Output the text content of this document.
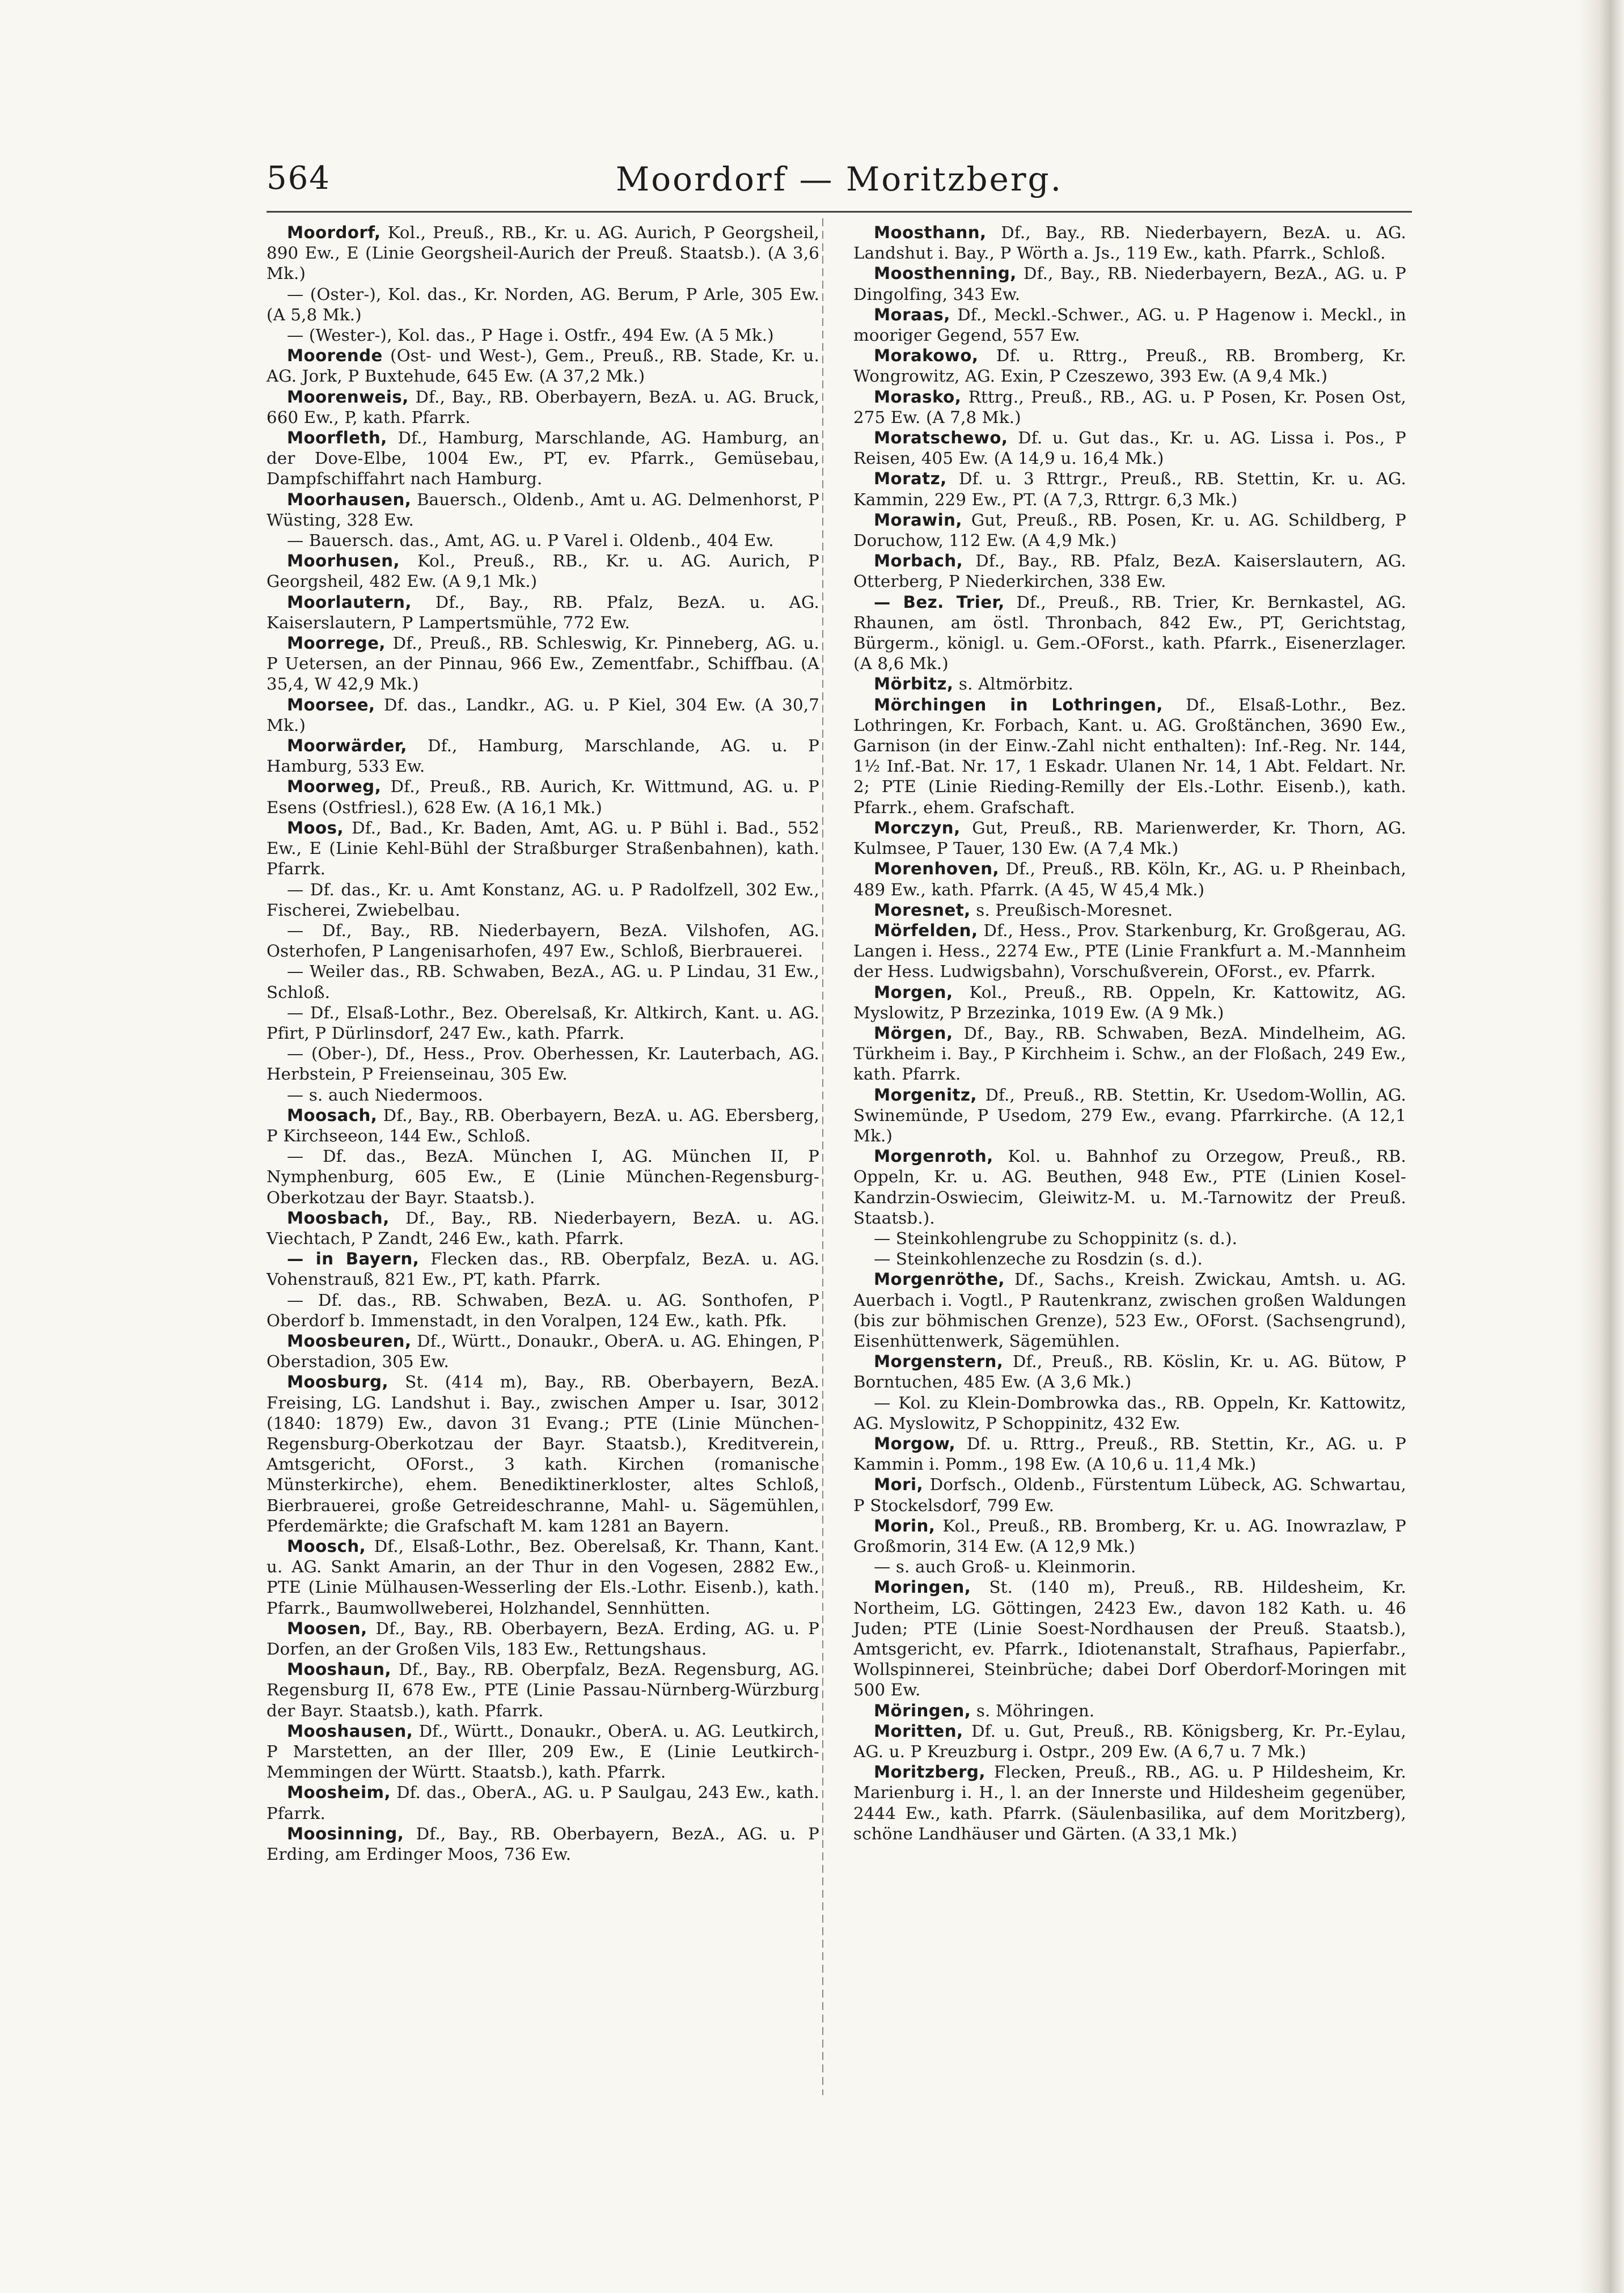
564	Moordorf — Moritzberg.

Moordorf, Kol., Preuß., RB., Kr. u. AG. Aurich, P Georgsheil, 890 Ew., E (Linie Georgsheil-Aurich der Preuß. Staatsb.). (A 3,6 Mk.)

— (Oster-), Kol. das., Kr. Norden, AG. Berum, P Arle, 305 Ew. (A 5,8 Mk.)

— (Wester-), Kol. das., P Hage i. Ostfr., 494 Ew. (A 5 Mk.)

Moorende (Ost- und West-), Gem., Preuß., RB. Stade, Kr. u. AG. Jork, P Buxtehude, 645 Ew. (A 37,2 Mk.)

Moorenweis, Df., Bay., RB. Oberbayern, BezA. u. AG. Bruck, 660 Ew., P, kath. Pfarrk.

Moorfleth, Df., Hamburg, Marschlande, AG. Hamburg, an der Dove-Elbe, 1004 Ew., PT, ev. Pfarrk., Gemüsebau, Dampfschiffahrt nach Hamburg.

Moorhausen, Bauersch., Oldenb., Amt u. AG. Delmenhorst, P Wüsting, 328 Ew.

— Bauersch. das., Amt, AG. u. P Varel i. Oldenb., 404 Ew.

Moorhusen, Kol., Preuß., RB., Kr. u. AG. Aurich, P Georgsheil, 482 Ew. (A 9,1 Mk.)

Moorlautern, Df., Bay., RB. Pfalz, BezA. u. AG. Kaiserslautern, P Lampertsmühle, 772 Ew.

Moorrege, Df., Preuß., RB. Schleswig, Kr. Pinneberg, AG. u. P Uetersen, an der Pinnau, 966 Ew., Zementfabr., Schiffbau. (A 35,4, W 42,9 Mk.)

Moorsee, Df. das., Landkr., AG. u. P Kiel, 304 Ew. (A 30,7 Mk.)

Moorwärder, Df., Hamburg, Marschlande, AG. u. P Hamburg, 533 Ew.

Moorweg, Df., Preuß., RB. Aurich, Kr. Wittmund, AG. u. P Esens (Ostfriesl.), 628 Ew. (A 16,1 Mk.)

Moos, Df., Bad., Kr. Baden, Amt, AG. u. P Bühl i. Bad., 552 Ew., E (Linie Kehl-Bühl der Straßburger Straßenbahnen), kath. Pfarrk.

— Df. das., Kr. u. Amt Konstanz, AG. u. P Radolfzell, 302 Ew., Fischerei, Zwiebelbau.

— Df., Bay., RB. Niederbayern, BezA. Vilshofen, AG. Osterhofen, P Langenisarhofen, 497 Ew., Schloß, Bierbrauerei.

— Weiler das., RB. Schwaben, BezA., AG. u. P Lindau, 31 Ew., Schloß.

— Df., Elsaß-Lothr., Bez. Oberelsaß, Kr. Altkirch, Kant. u. AG. Pfirt, P Dürlinsdorf, 247 Ew., kath. Pfarrk.

— (Ober-), Df., Hess., Prov. Oberhessen, Kr. Lauterbach, AG. Herbstein, P Freienseinau, 305 Ew.

— s. auch Niedermoos.

Moosach, Df., Bay., RB. Oberbayern, BezA. u. AG. Ebersberg, P Kirchseeon, 144 Ew., Schloß.

— Df. das., BezA. München I, AG. München II, P Nymphenburg, 605 Ew., E (Linie München-Regensburg-Oberkotzau der Bayr. Staatsb.).

Moosbach, Df., Bay., RB. Niederbayern, BezA. u. AG. Viechtach, P Zandt, 246 Ew., kath. Pfarrk.

— in Bayern, Flecken das., RB. Oberpfalz, BezA. u. AG. Vohenstrauß, 821 Ew., PT, kath. Pfarrk.

— Df. das., RB. Schwaben, BezA. u. AG. Sonthofen, P Oberdorf b. Immenstadt, in den Voralpen, 124 Ew., kath. Pfk.

Moosbeuren, Df., Württ., Donaukr., OberA. u. AG. Ehingen, P Oberstadion, 305 Ew.

Moosburg, St. (414 m), Bay., RB. Oberbayern, BezA. Freising, LG. Landshut i. Bay., zwischen Amper u. Isar, 3012 (1840: 1879) Ew., davon 31 Evang.; PTE (Linie München-Regensburg-Oberkotzau der Bayr. Staatsb.), Kreditverein, Amtsgericht, OForst., 3 kath. Kirchen (romanische Münsterkirche), ehem. Benediktinerkloster, altes Schloß, Bierbrauerei, große Getreideschranne, Mahl- u. Sägemühlen, Pferdemärkte; die Grafschaft M. kam 1281 an Bayern.

Moosch, Df., Elsaß-Lothr., Bez. Oberelsaß, Kr. Thann, Kant. u. AG. Sankt Amarin, an der Thur in den Vogesen, 2882 Ew., PTE (Linie Mülhausen-Wesserling der Els.-Lothr. Eisenb.), kath. Pfarrk., Baumwollweberei, Holzhandel, Sennhütten.

Moosen, Df., Bay., RB. Oberbayern, BezA. Erding, AG. u. P Dorfen, an der Großen Vils, 183 Ew., Rettungshaus.

Mooshaun, Df., Bay., RB. Oberpfalz, BezA. Regensburg, AG. Regensburg II, 678 Ew., PTE (Linie Passau-Nürnberg-Würzburg der Bayr. Staatsb.), kath. Pfarrk.

Mooshausen, Df., Württ., Donaukr., OberA. u. AG. Leutkirch, P Marstetten, an der Iller, 209 Ew., E (Linie Leutkirch-Memmingen der Württ. Staatsb.), kath. Pfarrk.

Moosheim, Df. das., OberA., AG. u. P Saulgau, 243 Ew., kath. Pfarrk.

Moosinning, Df., Bay., RB. Oberbayern, BezA., AG. u. P Erding, am Erdinger Moos, 736 Ew.

Moosthann, Df., Bay., RB. Niederbayern, BezA. u. AG. Landshut i. Bay., P Wörth a. Js., 119 Ew., kath. Pfarrk., Schloß.

Moosthenning, Df., Bay., RB. Niederbayern, BezA., AG. u. P Dingolfing, 343 Ew.

Moraas, Df., Meckl.-Schwer., AG. u. P Hagenow i. Meckl., in mooriger Gegend, 557 Ew.

Morakowo, Df. u. Rttrg., Preuß., RB. Bromberg, Kr. Wongrowitz, AG. Exin, P Czeszewo, 393 Ew. (A 9,4 Mk.)

Morasko, Rttrg., Preuß., RB., AG. u. P Posen, Kr. Posen Ost, 275 Ew. (A 7,8 Mk.)

Moratschewo, Df. u. Gut das., Kr. u. AG. Lissa i. Pos., P Reisen, 405 Ew. (A 14,9 u. 16,4 Mk.)

Moratz, Df. u. 3 Rttrgr., Preuß., RB. Stettin, Kr. u. AG. Kammin, 229 Ew., PT. (A 7,3, Rttrgr. 6,3 Mk.)

Morawin, Gut, Preuß., RB. Posen, Kr. u. AG. Schildberg, P Doruchow, 112 Ew. (A 4,9 Mk.)

Morbach, Df., Bay., RB. Pfalz, BezA. Kaiserslautern, AG. Otterberg, P Niederkirchen, 338 Ew.

— Bez. Trier, Df., Preuß., RB. Trier, Kr. Bernkastel, AG. Rhaunen, am östl. Thronbach, 842 Ew., PT, Gerichtstag, Bürgerm., königl. u. Gem.-OForst., kath. Pfarrk., Eisenerzlager. (A 8,6 Mk.)

Mörbitz, s. Altmörbitz.

Mörchingen in Lothringen, Df., Elsaß-Lothr., Bez. Lothringen, Kr. Forbach, Kant. u. AG. Großtänchen, 3690 Ew., Garnison (in der Einw.-Zahl nicht enthalten): Inf.-Reg. Nr. 144, 1½ Inf.-Bat. Nr. 17, 1 Eskadr. Ulanen Nr. 14, 1 Abt. Feldart. Nr. 2; PTE (Linie Rieding-Remilly der Els.-Lothr. Eisenb.), kath. Pfarrk., ehem. Grafschaft.

Morczyn, Gut, Preuß., RB. Marienwerder, Kr. Thorn, AG. Kulmsee, P Tauer, 130 Ew. (A 7,4 Mk.)

Morenhoven, Df., Preuß., RB. Köln, Kr., AG. u. P Rheinbach, 489 Ew., kath. Pfarrk. (A 45, W 45,4 Mk.)

Moresnet, s. Preußisch-Moresnet.

Mörfelden, Df., Hess., Prov. Starkenburg, Kr. Großgerau, AG. Langen i. Hess., 2274 Ew., PTE (Linie Frankfurt a. M.-Mannheim der Hess. Ludwigsbahn), Vorschußverein, OForst., ev. Pfarrk.

Morgen, Kol., Preuß., RB. Oppeln, Kr. Kattowitz, AG. Myslowitz, P Brzezinka, 1019 Ew. (A 9 Mk.)

Mörgen, Df., Bay., RB. Schwaben, BezA. Mindelheim, AG. Türkheim i. Bay., P Kirchheim i. Schw., an der Floßach, 249 Ew., kath. Pfarrk.

Morgenitz, Df., Preuß., RB. Stettin, Kr. Usedom-Wollin, AG. Swinemünde, P Usedom, 279 Ew., evang. Pfarrkirche. (A 12,1 Mk.)

Morgenroth, Kol. u. Bahnhof zu Orzegow, Preuß., RB. Oppeln, Kr. u. AG. Beuthen, 948 Ew., PTE (Linien Kosel-Kandrzin-Oswiecim, Gleiwitz-M. u. M.-Tarnowitz der Preuß. Staatsb.).

— Steinkohlengrube zu Schoppinitz (s. d.).

— Steinkohlenzeche zu Rosdzin (s. d.).

Morgenröthe, Df., Sachs., Kreish. Zwickau, Amtsh. u. AG. Auerbach i. Vogtl., P Rautenkranz, zwischen großen Waldungen (bis zur böhmischen Grenze), 523 Ew., OForst. (Sachsengrund), Eisenhüttenwerk, Sägemühlen.

Morgenstern, Df., Preuß., RB. Köslin, Kr. u. AG. Bütow, P Borntuchen, 485 Ew. (A 3,6 Mk.)

— Kol. zu Klein-Dombrowka das., RB. Oppeln, Kr. Kattowitz, AG. Myslowitz, P Schoppinitz, 432 Ew.

Morgow, Df. u. Rttrg., Preuß., RB. Stettin, Kr., AG. u. P Kammin i. Pomm., 198 Ew. (A 10,6 u. 11,4 Mk.)

Mori, Dorfsch., Oldenb., Fürstentum Lübeck, AG. Schwartau, P Stockelsdorf, 799 Ew.

Morin, Kol., Preuß., RB. Bromberg, Kr. u. AG. Inowrazlaw, P Großmorin, 314 Ew. (A 12,9 Mk.)

— s. auch Groß- u. Kleinmorin.

Moringen, St. (140 m), Preuß., RB. Hildesheim, Kr. Northeim, LG. Göttingen, 2423 Ew., davon 182 Kath. u. 46 Juden; PTE (Linie Soest-Nordhausen der Preuß. Staatsb.), Amtsgericht, ev. Pfarrk., Idiotenanstalt, Strafhaus, Papierfabr., Wollspinnerei, Steinbrüche; dabei Dorf Oberdorf-Moringen mit 500 Ew.

Möringen, s. Möhringen.

Moritten, Df. u. Gut, Preuß., RB. Königsberg, Kr. Pr.-Eylau, AG. u. P Kreuzburg i. Ostpr., 209 Ew. (A 6,7 u. 7 Mk.)

Moritzberg, Flecken, Preuß., RB., AG. u. P Hildesheim, Kr. Marienburg i. H., l. an der Innerste und Hildesheim gegenüber, 2444 Ew., kath. Pfarrk. (Säulenbasilika, auf dem Moritzberg), schöne Landhäuser und Gärten. (A 33,1 Mk.)
